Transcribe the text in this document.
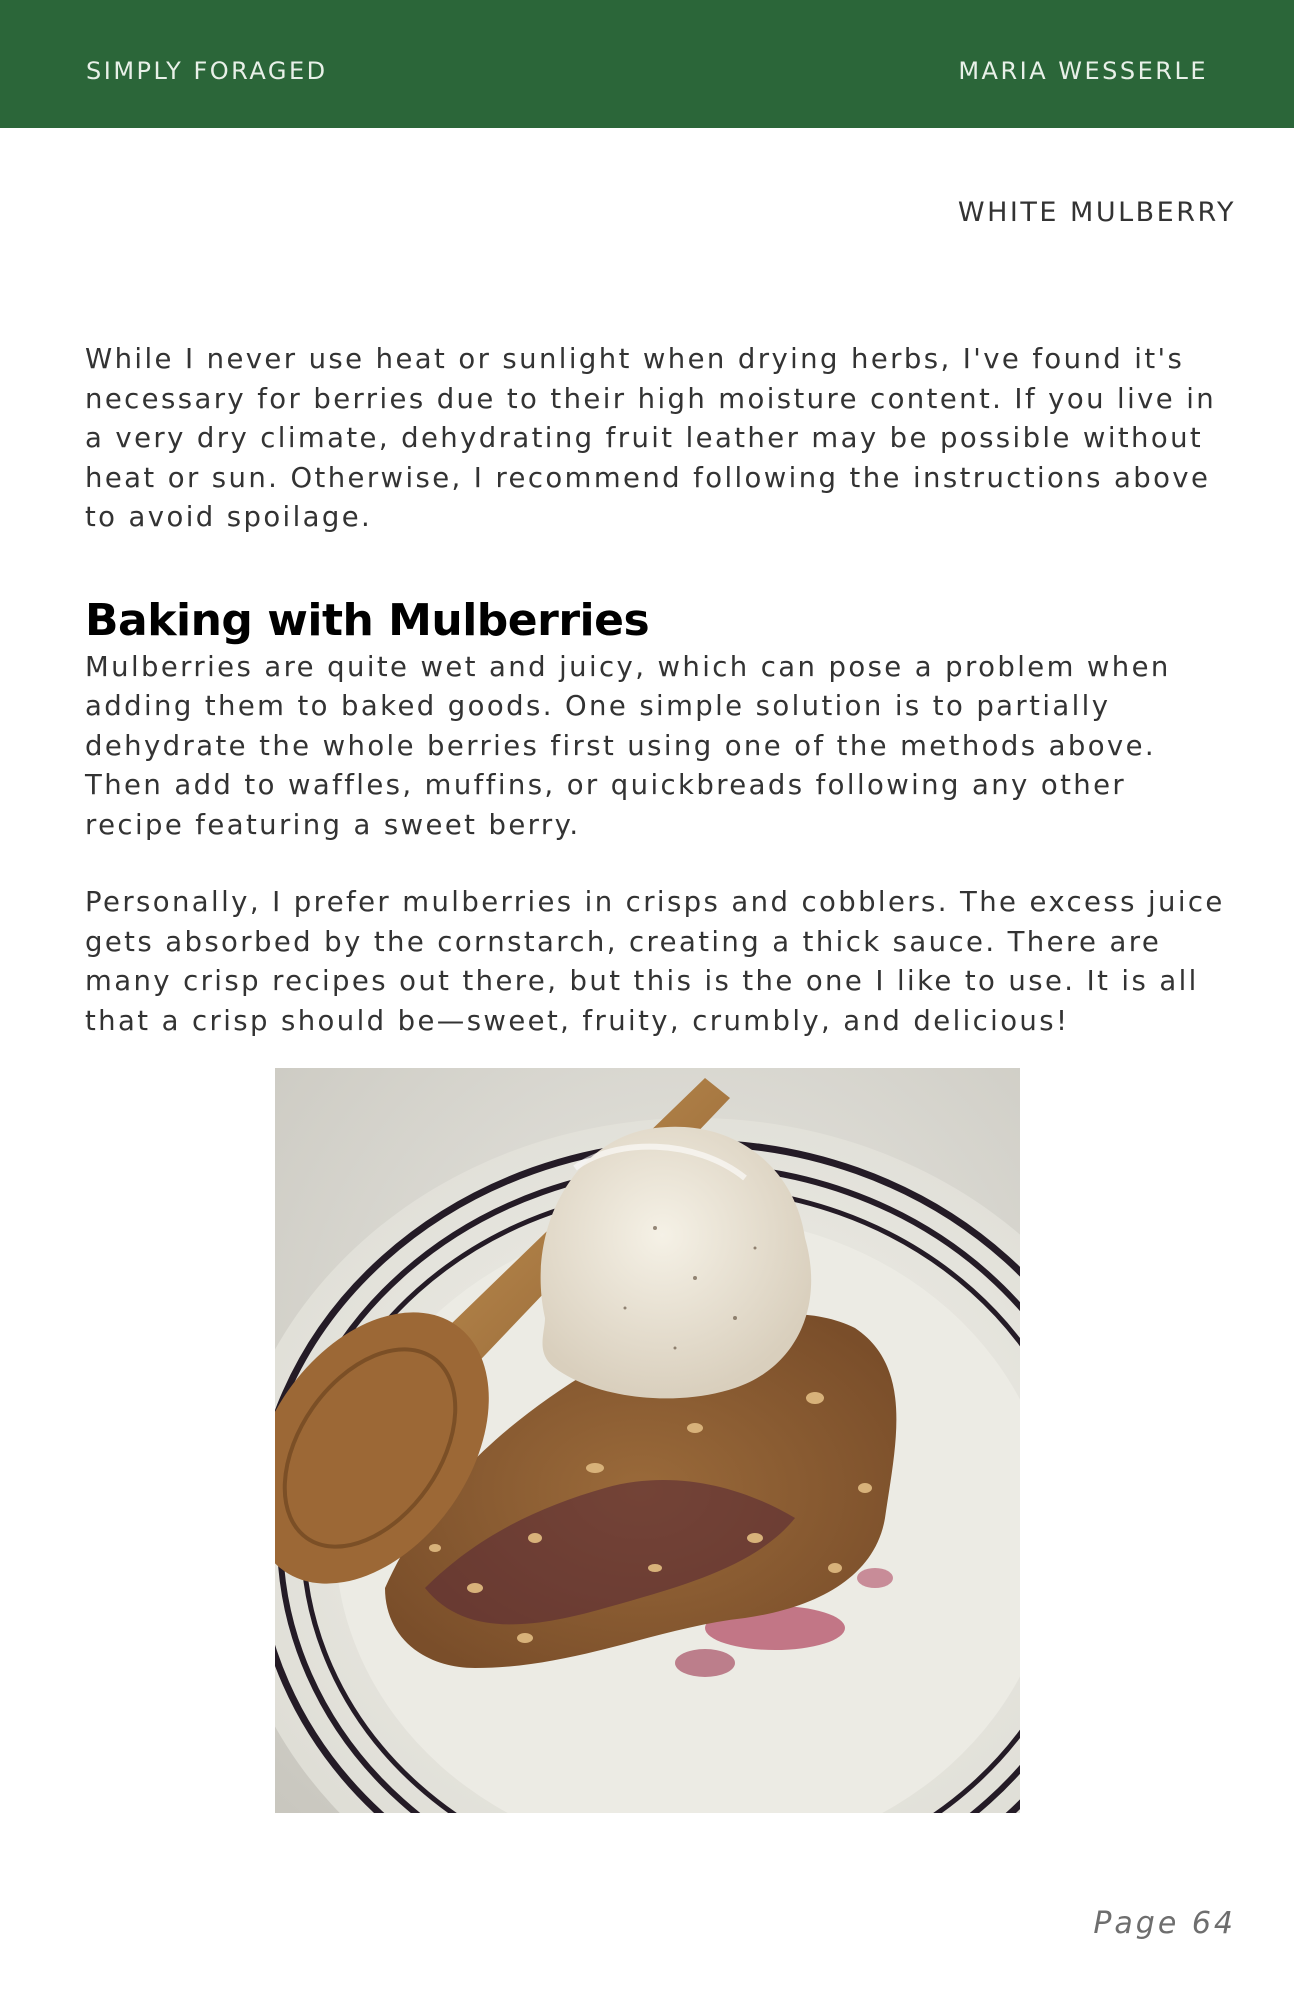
SIMPLY FORAGED	MARIA WESSERLE
WHITE MULBERRY

While I never use heat or sunlight when drying herbs, I've found it's necessary for berries due to their high moisture content. If you live in a very dry climate, dehydrating fruit leather may be possible without heat or sun. Otherwise, I recommend following the instructions above to avoid spoilage.

Baking with Mulberries

Mulberries are quite wet and juicy, which can pose a problem when adding them to baked goods. One simple solution is to partially dehydrate the whole berries first using one of the methods above. Then add to waffles, muffins, or quickbreads following any other recipe featuring a sweet berry.

Personally, I prefer mulberries in crisps and cobblers. The excess juice gets absorbed by the cornstarch, creating a thick sauce. There are many crisp recipes out there, but this is the one I like to use. It is all that a crisp should be—sweet, fruity, crumbly, and delicious!

Page 64
